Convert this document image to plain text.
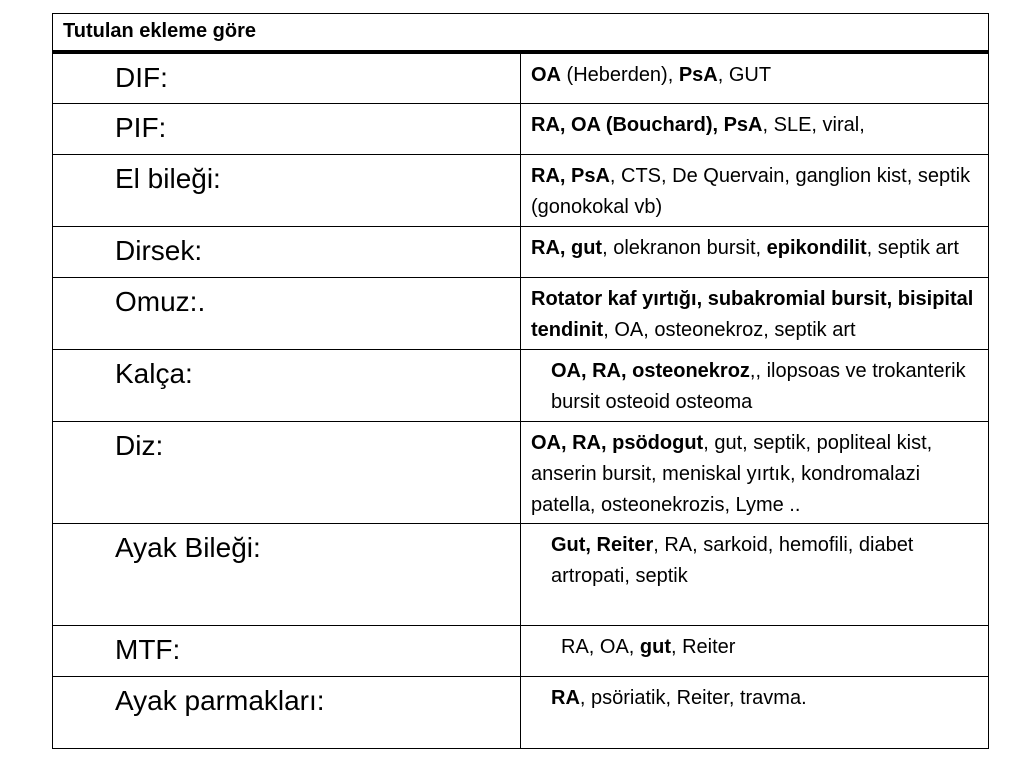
Tutulan ekleme göre	
DIF:	OA (Heberden), PsA, GUT

PIF:	RA, OA (Bouchard), PsA, SLE, viral,

El bileği:	RA, PsA, CTS, De Quervain, ganglion kist, septik
(gonokokal vb)

Dirsek:	RA, gut, olekranon bursit, epikondilit, septik art

Omuz:.	Rotator kaf yırtığı, subakromial bursit, bisipital
tendinit, OA, osteonekroz, septik art

Kalça:	OA, RA, osteonekroz,, ilopsoas ve trokanterik
bursit osteoid osteoma

Diz:	OA, RA, psödogut, gut, septik, popliteal kist,
anserin bursit, meniskal yırtık, kondromalazi
patella, osteonekrozis, Lyme ..

Ayak Bileği:	Gut, Reiter, RA, sarkoid, hemofili, diabet
artropati, septik

MTF:	RA, OA, gut, Reiter

Ayak parmakları:	RA, psöriatik, Reiter, travma.
